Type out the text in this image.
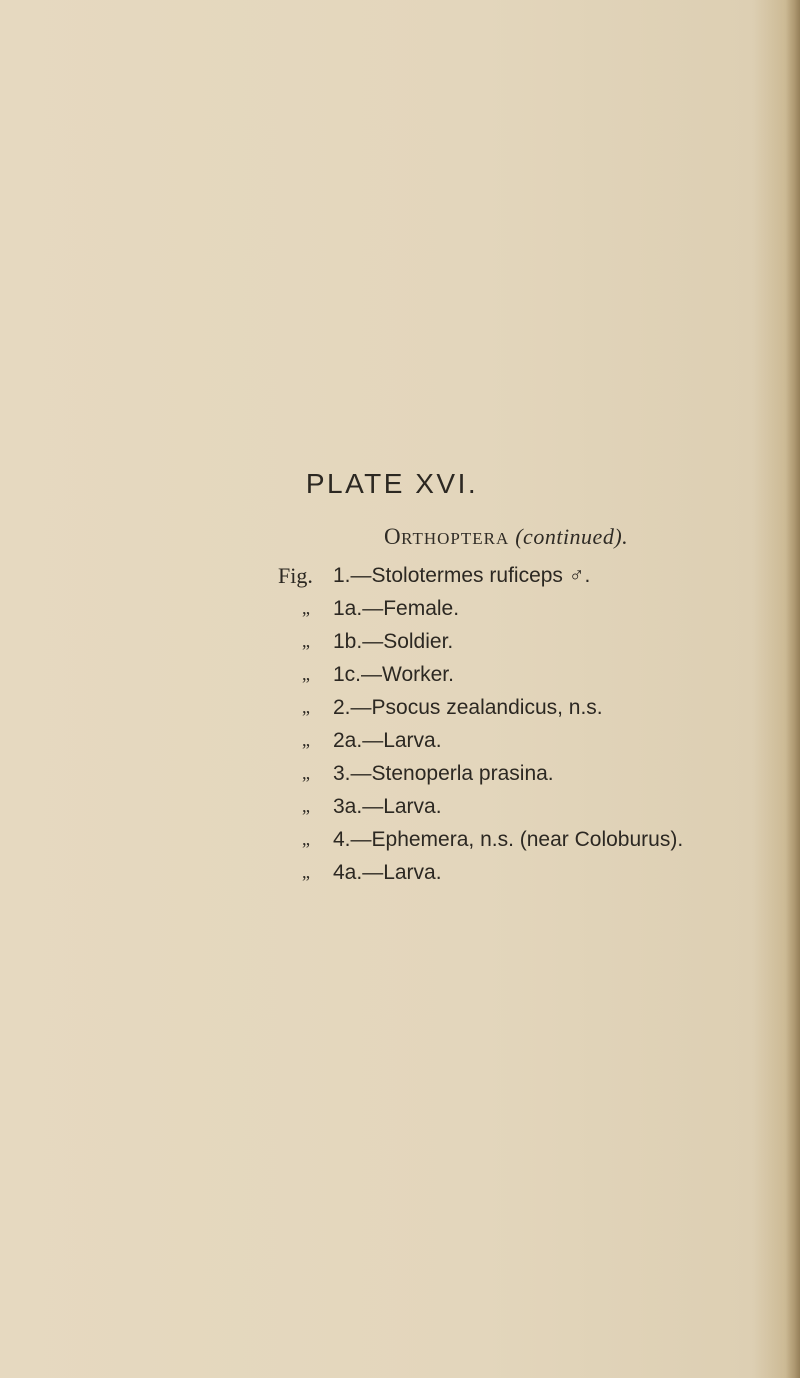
PLATE XVI.
ORTHOPTERA (continued).
Fig. 1.—Stolotermes ruficeps ♂.
„	1a.—Female.
„	1b.—Soldier.
„	1c.—Worker.
„	2.—Psocus zealandicus, n.s.
„	2a.—Larva.
„	3.—Stenoperla prasina.
„	3a.—Larva.
„	4.—Ephemera, n.s. (near Coloburus).
„	4a.—Larva.
